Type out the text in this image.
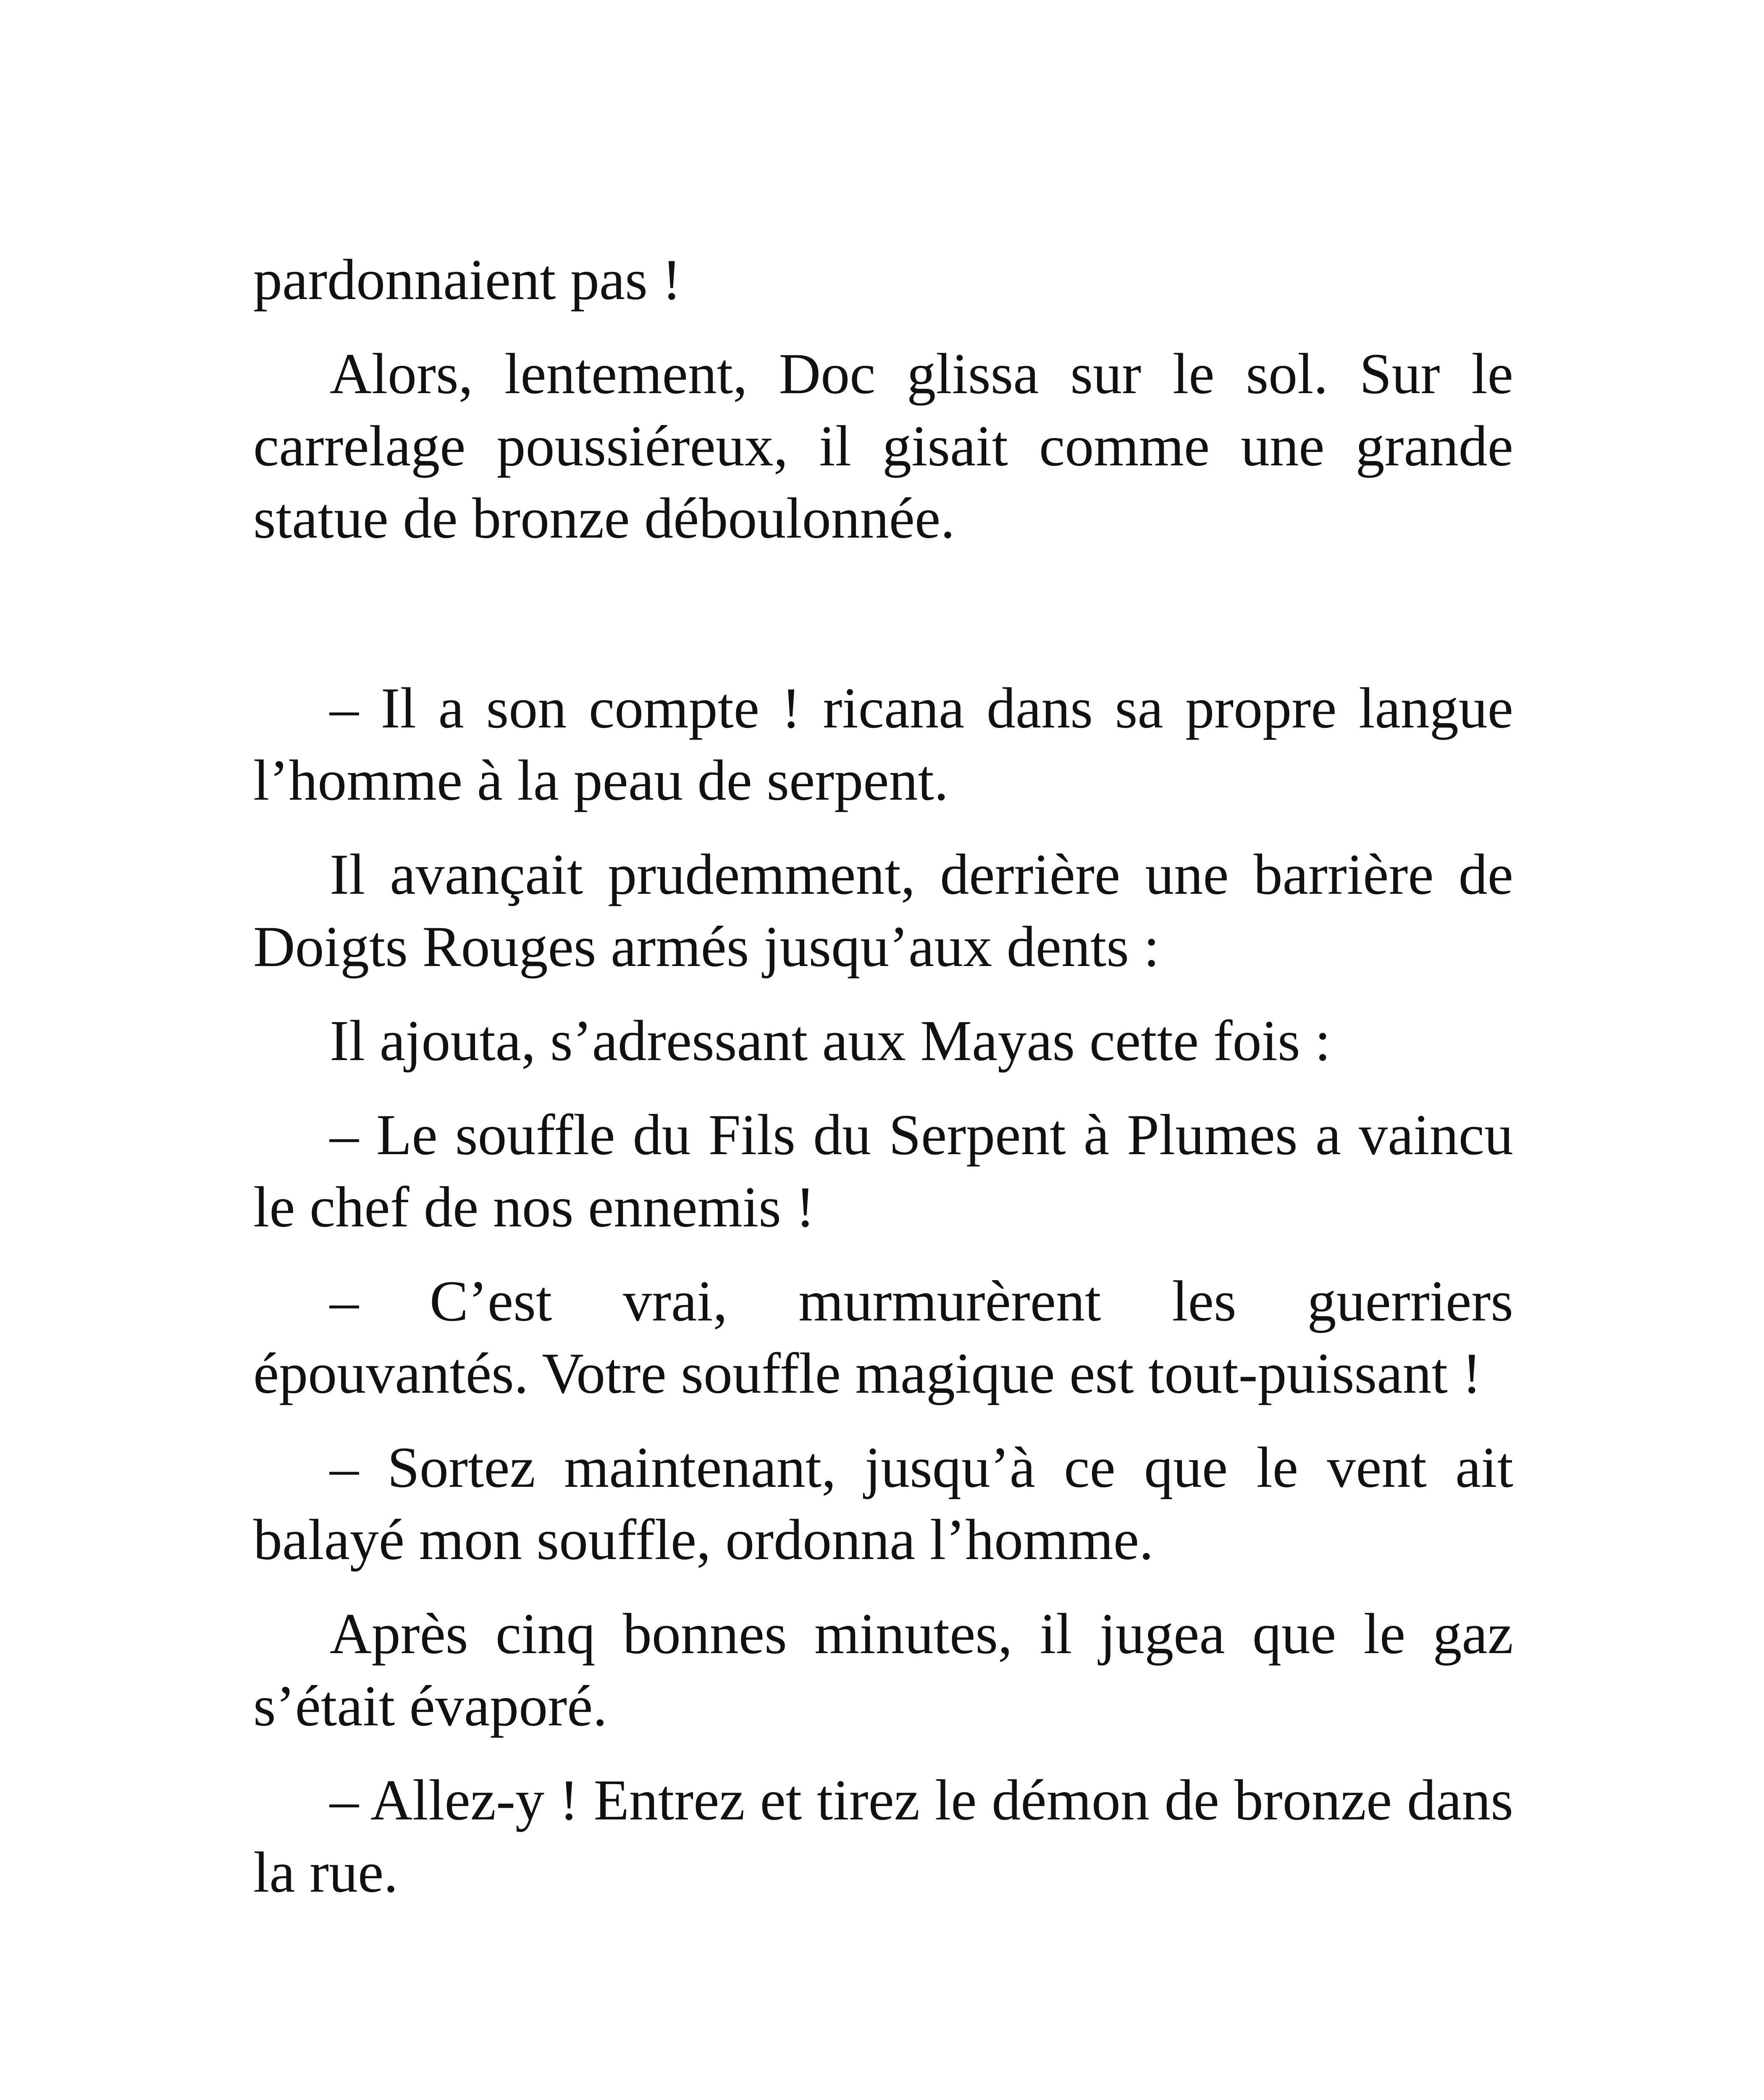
pardonnaient pas !

Alors, lentement, Doc glissa sur le sol. Sur le carrelage poussiéreux, il gisait comme une grande statue de bronze déboulonnée.

– Il a son compte ! ricana dans sa propre langue l’homme à la peau de serpent.

Il avançait prudemment, derrière une barrière de Doigts Rouges armés jusqu’aux dents :

Il ajouta, s’adressant aux Mayas cette fois :

– Le souffle du Fils du Serpent à Plumes a vaincu le chef de nos ennemis !

– C’est vrai, murmurèrent les guerriers épouvantés. Votre souffle magique est tout-puissant !

– Sortez maintenant, jusqu’à ce que le vent ait balayé mon souffle, ordonna l’homme.

Après cinq bonnes minutes, il jugea que le gaz s’était évaporé.

– Allez-y ! Entrez et tirez le démon de bronze dans la rue.
